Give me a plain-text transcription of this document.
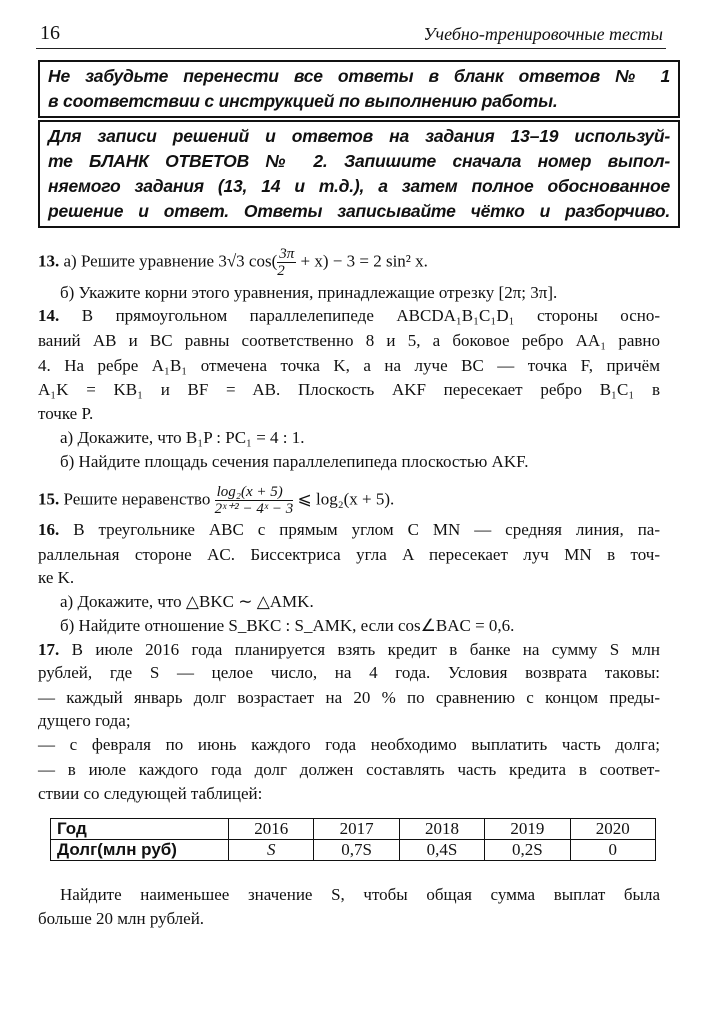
16	Учебно-тренировочные тесты
Не забудьте перенести все ответы в бланк ответов № 1
в соответствии с инструкцией по выполнению работы.
Для записи решений и ответов на задания 13–19 используй-
те БЛАНК ОТВЕТОВ № 2. Запишите сначала номер выпол-
няемого задания (13, 14 и т.д.), а затем полное обоснованное
решение и ответ. Ответы записывайте чётко и разборчиво.
13. а) Решите уравнение 3√3 $\cos( \frac{3\pi}{2} + x) - 3 = 2$ sin² x.
б) Укажите корни этого уравнения, принадлежащие отрезку [2π; 3π].
14. В прямоугольном параллелепипеде ABCDA₁B₁C₁D₁ стороны осно-
ваний AB и BC равны соответственно 8 и 5, а боковое ребро AA₁ равно
4. На ребре A₁B₁ отмечена точка K, а на луче BC — точка F, причём
A₁K = KB₁ и BF = AB. Плоскость AKF пересекает ребро B₁C₁ в
точке P.
а) Докажите, что B₁P : PC₁ = 4 : 1.
б) Найдите площадь сечения параллелепипеда плоскостью AKF.
15. Решите неравенство $\frac{\text{log₂(x + 5)}}{\text{2ˣ⁺² − 4ˣ − 3}}$ ⩽ log₂(x + 5).
16. В треугольнике ABC с прямым углом C MN — средняя линия, па-
раллельная стороне AC. Биссектриса угла A пересекает луч MN в точ-
ке K.
а) Докажите, что △BKC ∼ △AMK.
б) Найдите отношение S_BKC : S_AMK, если cos∠BAC = 0,6.
17. В июле 2016 года планируется взять кредит в банке на сумму S млн
рублей, где S — целое число, на 4 года. Условия возврата таковы:
— каждый январь долг возрастает на 20 % по сравнению с концом преды-
дущего года;
— с февраля по июнь каждого года необходимо выплатить часть долга;
— в июле каждого года долг должен составлять часть кредита в соответ-
ствии со следующей таблицей:
Год	2016	2017	2018	2019	2020
Долг(млн руб)	S	0,7S	0,4S	0,2S	0
Найдите наименьшее значение S, чтобы общая сумма выплат была
больше 20 млн рублей.
